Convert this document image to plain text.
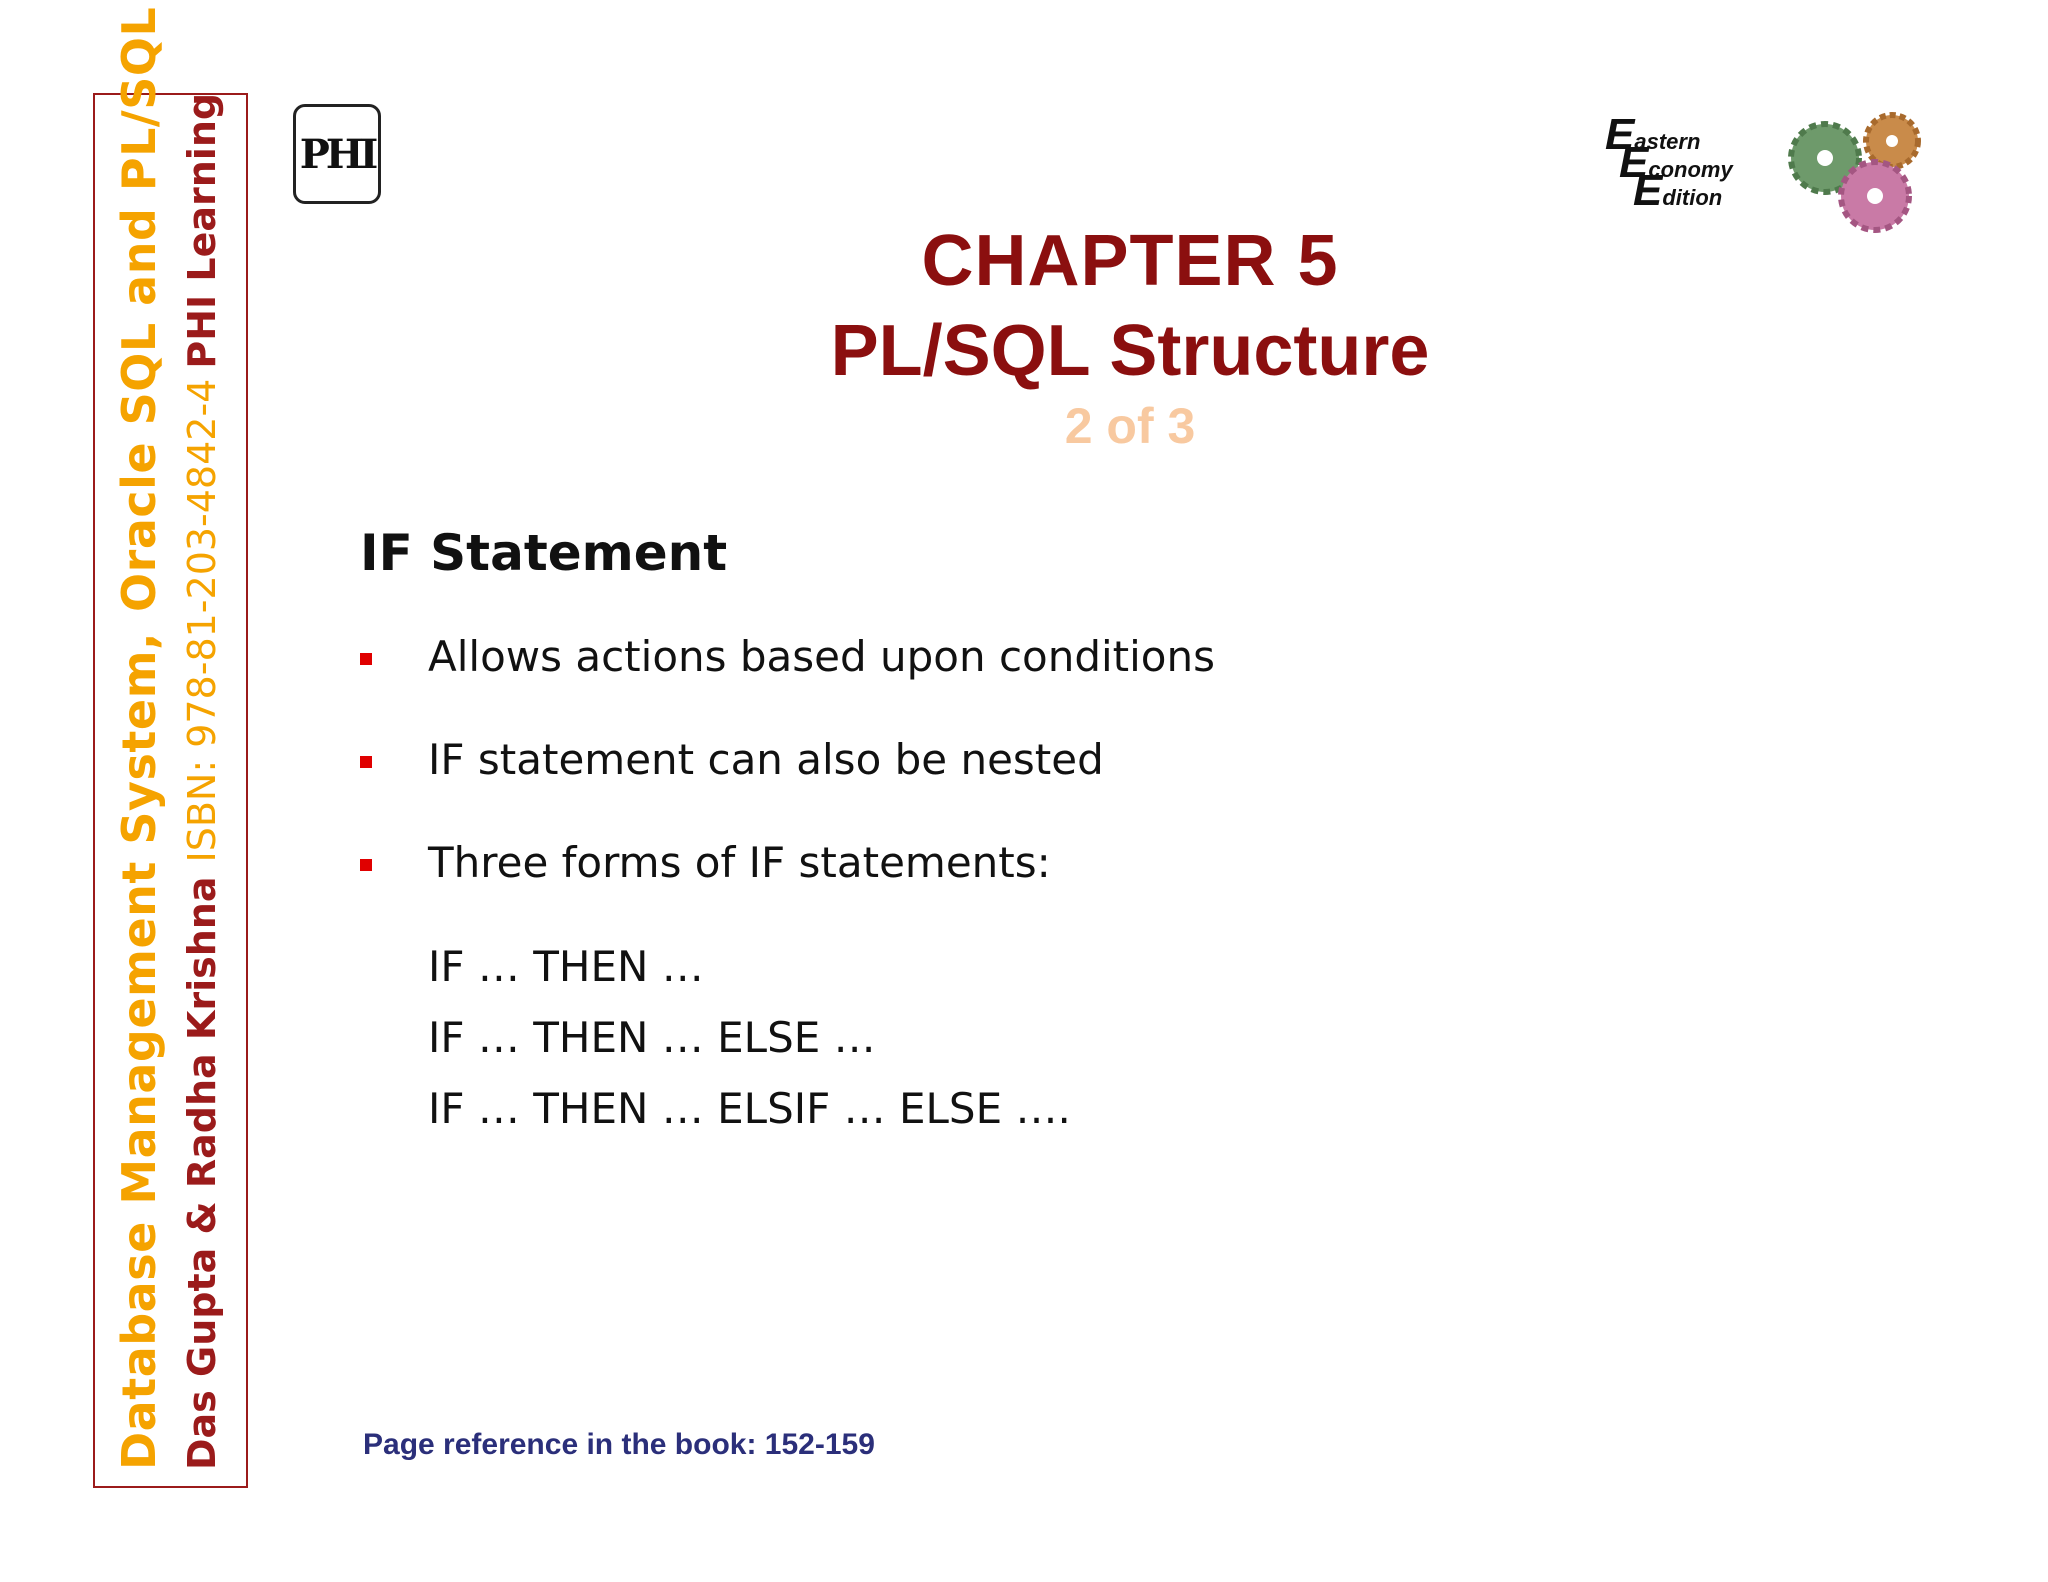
Database Management System,Oracle SQL and PL/SQL
Das Gupta & Radha KrishnaISBN: 978-81-203-4842-4PHI Learning PHI	Eastern
Economy
Edition
CHAPTER 5
PL/SQL Structure
2 of 3
IF Statement
Allows actions based upon conditions
IF statement can also be nested
Three forms of IF statements:
IF … THEN …
IF … THEN … ELSE …
IF … THEN … ELSIF … ELSE ….
Page reference in the book: 152-159
